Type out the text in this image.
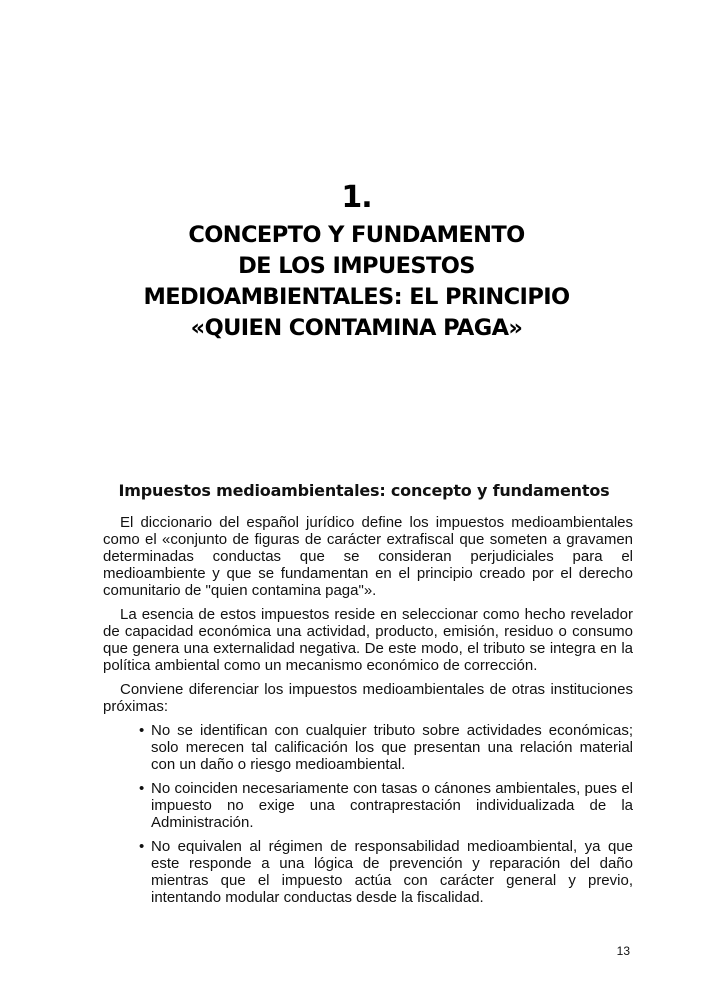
1.
CONCEPTO Y FUNDAMENTO
DE LOS IMPUESTOS
MEDIOAMBIENTALES: EL PRINCIPIO
«QUIEN CONTAMINA PAGA»
Impuestos medioambientales: concepto y fundamentos

El diccionario del español jurídico define los impuestos medioambientales como el «conjunto de figuras de carácter extrafiscal que someten a gravamen determinadas conductas que se consideran perjudiciales para el medioambiente y que se fundamentan en el principio creado por el derecho comunitario de "quien contamina paga"».

La esencia de estos impuestos reside en seleccionar como hecho revelador de capacidad económica una actividad, producto, emisión, residuo o consumo que genera una externalidad negativa. De este modo, el tributo se integra en la política ambiental como un mecanismo económico de corrección.

Conviene diferenciar los impuestos medioambientales de otras instituciones próximas:

• No se identifican con cualquier tributo sobre actividades económicas; solo merecen tal calificación los que presentan una relación material con un daño o riesgo medioambiental.
• No coinciden necesariamente con tasas o cánones ambientales, pues el impuesto no exige una contraprestación individualizada de la Administración.
• No equivalen al régimen de responsabilidad medioambiental, ya que este responde a una lógica de prevención y reparación del daño mientras que el impuesto actúa con carácter general y previo, intentando modular conductas desde la fiscalidad.
13
